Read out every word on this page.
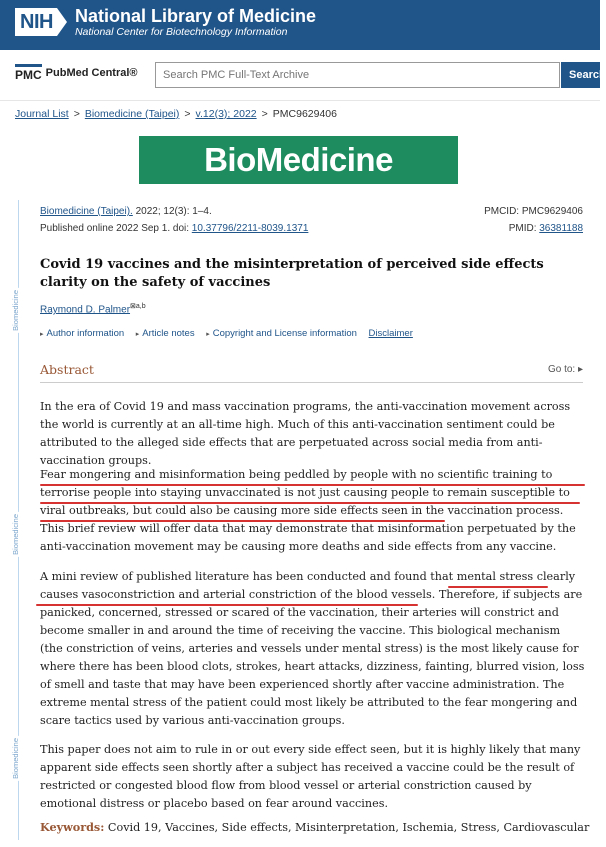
NIH National Library of Medicine
National Center for Biotechnology Information
PMC PubMed Central®
Search PMC Full-Text Archive	Search
Journal List > Biomedicine (Taipei) > v.12(3); 2022 > PMC9629406
BioMedicine
Biomedicine
Biomedicine
Biomedicine
Biomedicine (Taipei). 2022; 12(3): 1–4.
Published online 2022 Sep 1. doi: 10.37796/2211-8039.1371
PMCID: PMC9629406
PMID: 36381188
Covid 19 vaccines and the misinterpretation of perceived side effects clarity on the safety of vaccines
Raymond D. Palmer$^{⊠a,b}$
▸ Author information ▸ Article notes ▸ Copyright and License information Disclaimer
Abstract	Go to: ▸
In the era of Covid 19 and mass vaccination programs, the anti-vaccination movement across the world is currently at an all-time high. Much of this anti-vaccination sentiment could be attributed to the alleged side effects that are perpetuated across social media from anti-vaccination groups.
Fear mongering and misinformation being peddled by people with no scientific training to terrorise people into staying unvaccinated is not just causing people to remain susceptible to viral outbreaks, but could also be causing more side effects seen in the vaccination process. This brief review will offer data that may demonstrate that misinformation perpetuated by the anti-vaccination movement may be causing more deaths and side effects from any vaccine.
A mini review of published literature has been conducted and found that mental stress clearly causes vasoconstriction and arterial constriction of the blood vessels. Therefore, if subjects are panicked, concerned, stressed or scared of the vaccination, their arteries will constrict and become smaller in and around the time of receiving the vaccine. This biological mechanism (the constriction of veins, arteries and vessels under mental stress) is the most likely cause for where there has been blood clots, strokes, heart attacks, dizziness, fainting, blurred vision, loss of smell and taste that may have been experienced shortly after vaccine administration. The extreme mental stress of the patient could most likely be attributed to the fear mongering and scare tactics used by various anti-vaccination groups.
This paper does not aim to rule in or out every side effect seen, but it is highly likely that many apparent side effects seen shortly after a subject has received a vaccine could be the result of restricted or congested blood flow from blood vessel or arterial constriction caused by emotional distress or placebo based on fear around vaccines.
Keywords: Covid 19, Vaccines, Side effects, Misinterpretation, Ischemia, Stress, Cardiovascular
